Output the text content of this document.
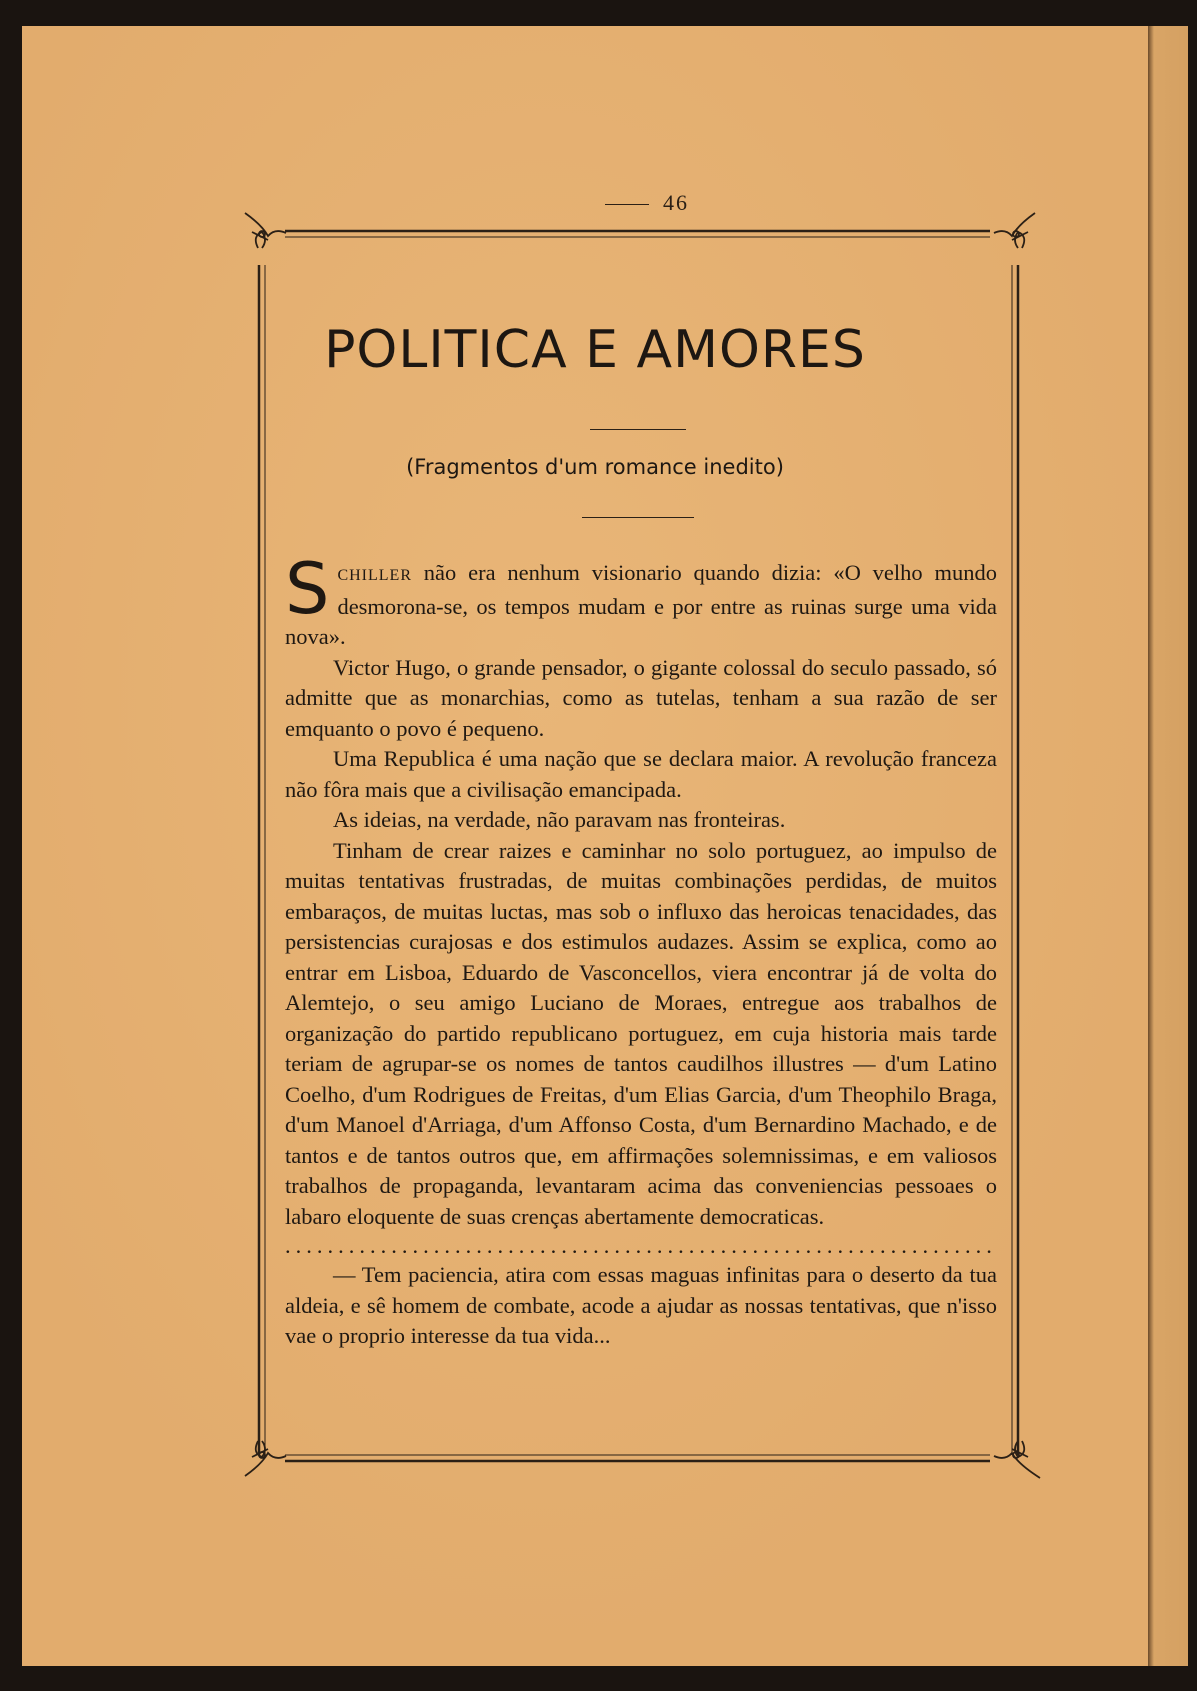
46
POLITICA E AMORES
(Fragmentos d'um romance inedito)

SCHILLER não era nenhum visionario quando dizia: «O velho mundo desmorona-se, os tempos mudam e por entre as ruinas surge uma vida nova».

Victor Hugo, o grande pensador, o gigante colossal do seculo passado, só admitte que as monarchias, como as tutelas, tenham a sua razão de ser emquanto o povo é pequeno.

Uma Republica é uma nação que se declara maior. A revolução franceza não fôra mais que a civilisação emancipada.

As ideias, na verdade, não paravam nas fronteiras.

Tinham de crear raizes e caminhar no solo portuguez, ao impulso de muitas tentativas frustradas, de muitas combinações perdidas, de muitos embaraços, de muitas luctas, mas sob o influxo das heroicas tenacidades, das persistencias curajosas e dos estimulos audazes. Assim se explica, como ao entrar em Lisboa, Eduardo de Vasconcellos, viera encontrar já de volta do Alemtejo, o seu amigo Luciano de Moraes, entregue aos trabalhos de organização do partido republicano portuguez, em cuja historia mais tarde teriam de agrupar-se os nomes de tantos caudilhos illustres — d'um Latino Coelho, d'um Rodrigues de Freitas, d'um Elias Garcia, d'um Theophilo Braga, d'um Manoel d'Arriaga, d'um Affonso Costa, d'um Bernardino Machado, e de tantos e de tantos outros que, em affirmações solemnissimas, e em valiosos trabalhos de propaganda, levantaram acima das conveniencias pessoaes o labaro eloquente de suas crenças abertamente democraticas.

...................................................................

— Tem paciencia, atira com essas maguas infinitas para o deserto da tua aldeia, e sê homem de combate, acode a ajudar as nossas tentativas, que n'isso vae o proprio interesse da tua vida...
